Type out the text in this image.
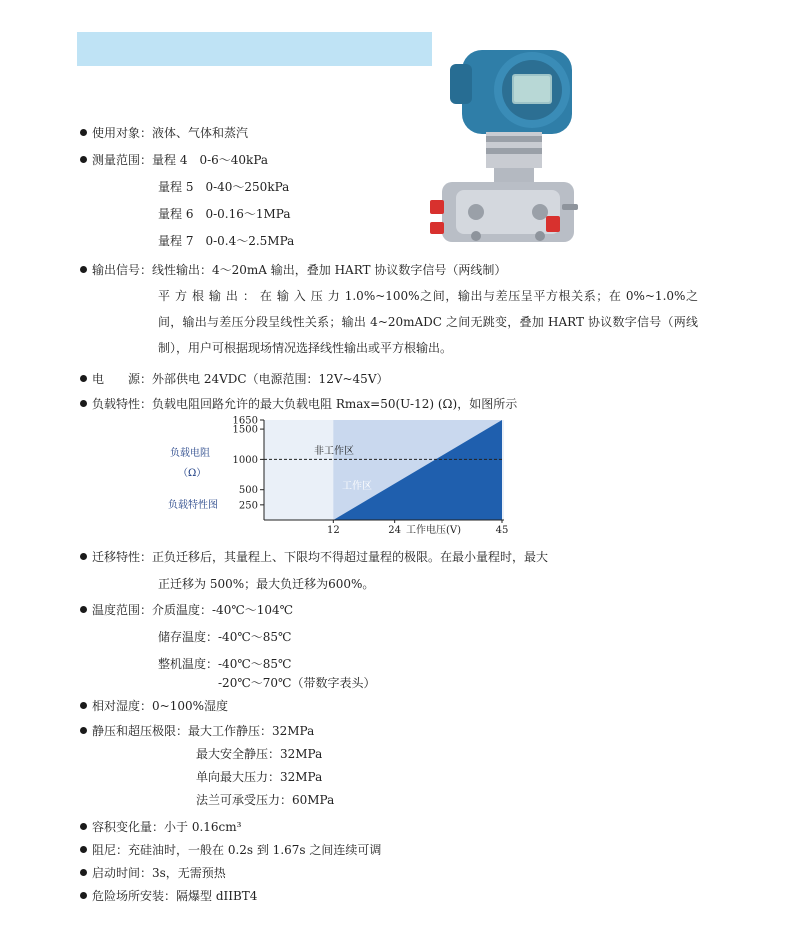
使用对象：液体、气体和蒸汽
测量范围：量程 4　0-6～40kPa
量程 5　0-40～250kPa
量程 6　0-0.16～1MPa
量程 7　0-0.4～2.5MPa
输出信号：线性输出：4～20mA 输出，叠加 HART 协议数字信号（两线制）
平 方 根 输 出 ： 在 输 入 压 力 1.0%~100%之间，输出与差压呈平方根关系；在 0%~1.0%之间，输出与差压分段呈线性关系；输出 4~20mADC 之间无跳变，叠加 HART 协议数字信号（两线制），用户可根据现场情况选择线性输出或平方根输出。
电　　源：外部供电 24VDC（电源范围：12V~45V）
负载特性：负载电阻回路允许的最大负载电阻 Rmax=50(U-12) (Ω)，如图所示
1650
1500
1000
500
250
12	24	45
非工作区
工作区
负载电阻
（Ω）
负载特性图
工作电压(V)
迁移特性：正负迁移后，其量程上、下限均不得超过量程的极限。在最小量程时，最大
正迁移为 500%；最大负迁移为600%。
温度范围：介质温度：-40℃～104℃
储存温度：-40℃～85℃
整机温度：-40℃～85℃
-20℃～70℃（带数字表头）
相对湿度：0~100%湿度
静压和超压极限：最大工作静压：32MPa
最大安全静压：32MPa
单向最大压力：32MPa
法兰可承受压力：60MPa
容积变化量：小于 0.16cm³
阻尼：充硅油时，一般在 0.2s 到 1.67s 之间连续可调
启动时间：3s，无需预热
危险场所安装：隔爆型 dIIBT4
